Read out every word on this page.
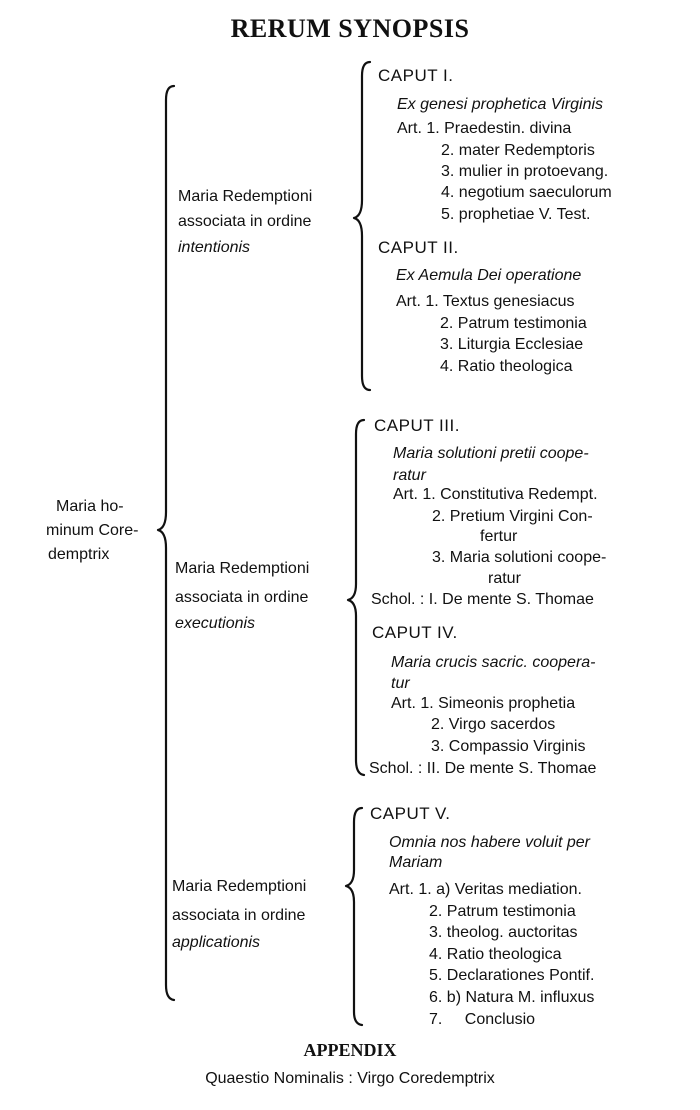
RERUM SYNOPSIS
Maria ho-
minum Core-
demptrix
Maria Redemptioni
associata in ordine
intentionis
CAPUT I.
Ex genesi prophetica Virginis
Art. 1. Praedestin. divina
2. mater Redemptoris
3. mulier in protoevang.
4. negotium saeculorum
5. prophetiae V. Test.
CAPUT II.
Ex Aemula Dei operatione
Art. 1. Textus genesiacus
2. Patrum testimonia
3. Liturgia Ecclesiae
4. Ratio theologica
Maria Redemptioni
associata in ordine
executionis
CAPUT III.
Maria solutioni pretii coope-
ratur
Art. 1. Constitutiva Redempt.
2. Pretium Virgini Con-
fertur
3. Maria solutioni coope-
ratur
Schol. : I. De mente S. Thomae
CAPUT IV.
Maria crucis sacric. coopera-
tur
Art. 1. Simeonis prophetia
2. Virgo sacerdos
3. Compassio Virginis
Schol. : II. De mente S. Thomae
Maria Redemptioni
associata in ordine
applicationis
CAPUT V.
Omnia nos habere voluit per
Mariam
Art. 1. a) Veritas mediation.
2. Patrum testimonia
3. theolog. auctoritas
4. Ratio theologica
5. Declarationes Pontif.
6. b) Natura M. influxus
7. Conclusio
APPENDIX
Quaestio Nominalis : Virgo Coredemptrix
